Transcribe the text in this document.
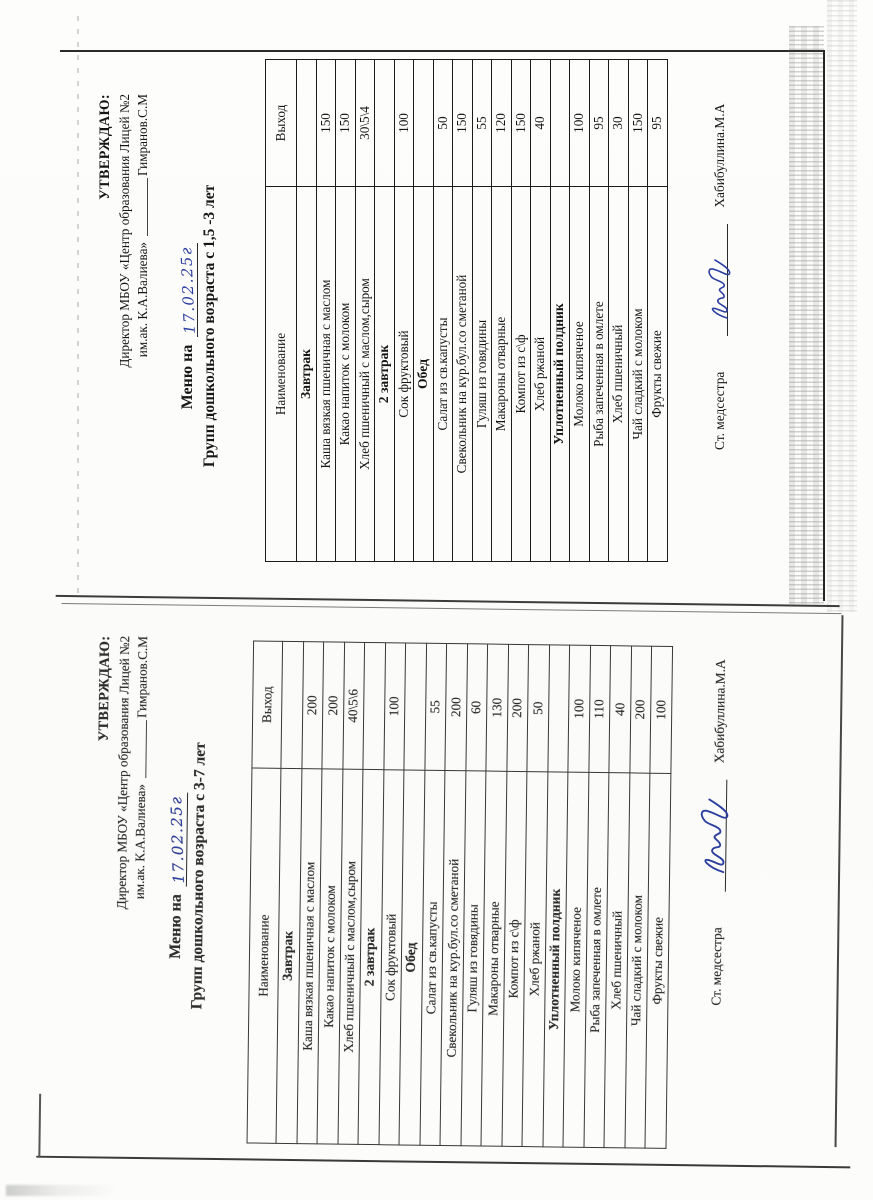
УТВЕРЖДАЮ: Директор МБОУ «Центр образования Лицей №2 им.ак. К.А.Валиева»Гимранов.С.М
Меню на17.02.25г Групп дошкольного возраста с 1,5 -3 лет	Наименование	Выход
Завтрак	
Каша вязкая пшеничная с маслом	150
Какао напиток с молоком	150
Хлеб пшеничный с маслом,сыром	30\5\4
2 завтрак	
Сок фруктовый	100
Обед	
Салат из св.капусты	50
Свекольник на кур.бул.со сметаной	150
Гуляш из говядины	55
Макароны отварные	120
Компот из с\ф	150
Хлеб ржаной	40
Уплотненный полдник	
Молоко кипяченое	100
Рыба запеченная в омлете	95
Хлеб пшеничный	30
Чай сладкий с молоком	150
Фрукты свежие	95
Ст. медсестра
Хабибуллина.М.А
УТВЕРЖДАЮ: Директор МБОУ «Центр образования Лицей №2 им.ак. К.А.Валиева»Гимранов.С.М
Меню на17.02.25г Групп дошкольного возраста с 3-7 лет	Наименование	Выход
Завтрак	
Каша вязкая пшеничная с маслом	200
Какао напиток с молоком	200
Хлеб пшеничный с маслом,сыром	40\5\6
2 завтрак	
Сок фруктовый	100
Обед	
Салат из св.капусты	55
Свекольник на кур.бул.со сметаной	200
Гуляш из говядины	60
Макароны отварные	130
Компот из с\ф	200
Хлеб ржаной	50
Уплотненный полдник	
Молоко кипяченое	100
Рыба запеченная в омлете	110
Хлеб пшеничный	40
Чай сладкий с молоком	200
Фрукты свежие	100
Ст. медсестра
Хабибуллина.М.А
